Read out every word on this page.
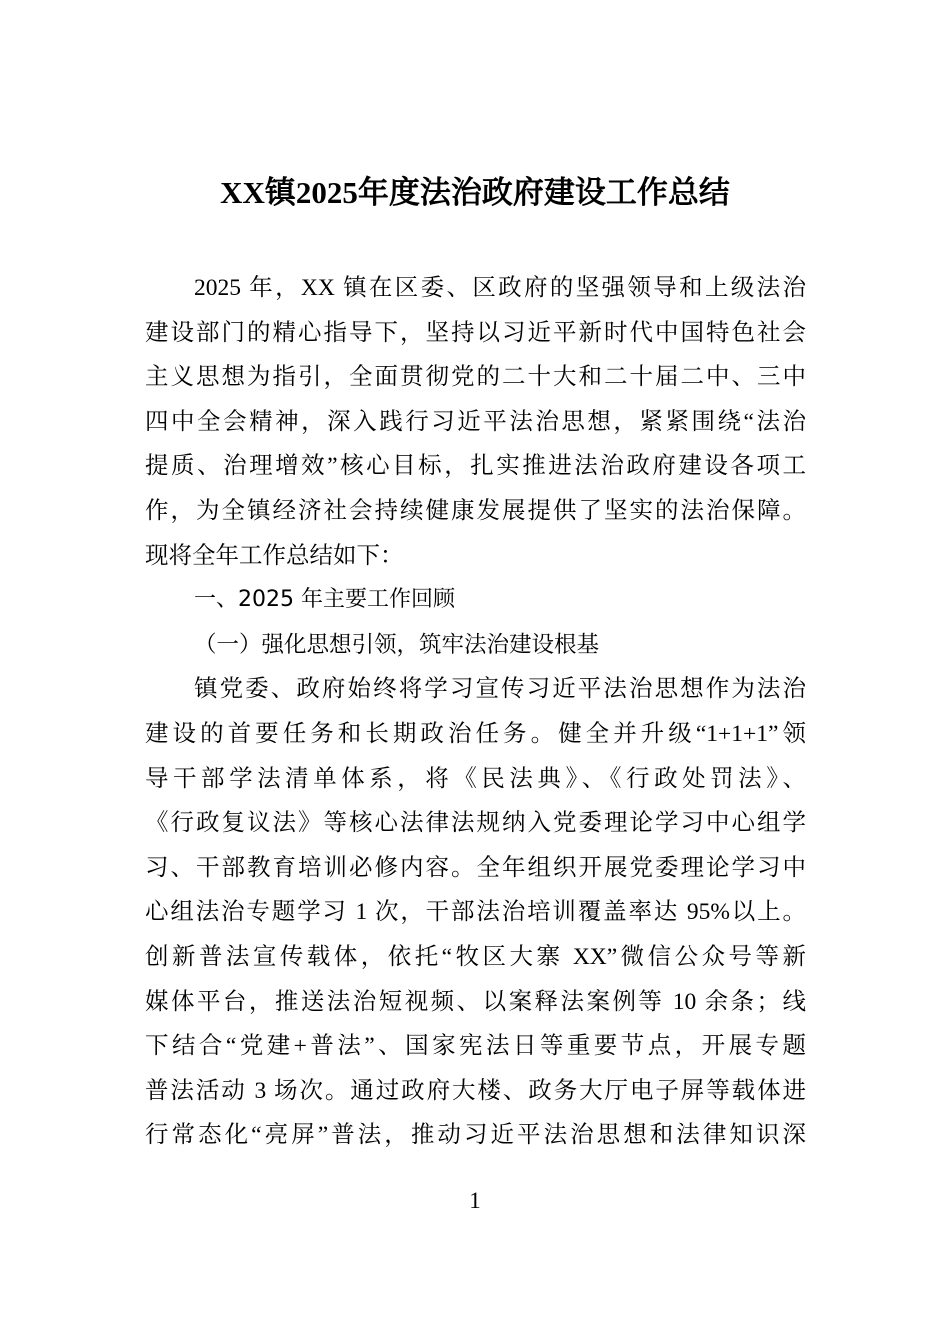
XX镇2025年度法治政府建设工作总结
2025 年，XX 镇在区委、区政府的坚强领导和上级法治
建设部门的精心指导下，坚持以习近平新时代中国特色社会
主义思想为指引，全面贯彻党的二十大和二十届二中、三中
四中全会精神，深入践行习近平法治思想，紧紧围绕“法治
提质、治理增效”核心目标，扎实推进法治政府建设各项工
作，为全镇经济社会持续健康发展提供了坚实的法治保障。
现将全年工作总结如下：
一、2025 年主要工作回顾
（一）强化思想引领，筑牢法治建设根基
镇党委、政府始终将学习宣传习近平法治思想作为法治
建设的首要任务和长期政治任务。健全并升级“1+1+1”领
导干部学法清单体系，将《民法典》、《行政处罚法》、
《行政复议法》等核心法律法规纳入党委理论学习中心组学
习、干部教育培训必修内容。全年组织开展党委理论学习中
心组法治专题学习 1 次，干部法治培训覆盖率达 95%以上。
创新普法宣传载体，依托“牧区大寨 XX”微信公众号等新
媒体平台，推送法治短视频、以案释法案例等 10 余条；线
下结合“党建+普法”、国家宪法日等重要节点，开展专题
普法活动 3 场次。通过政府大楼、政务大厅电子屏等载体进
行常态化“亮屏”普法，推动习近平法治思想和法律知识深
1
